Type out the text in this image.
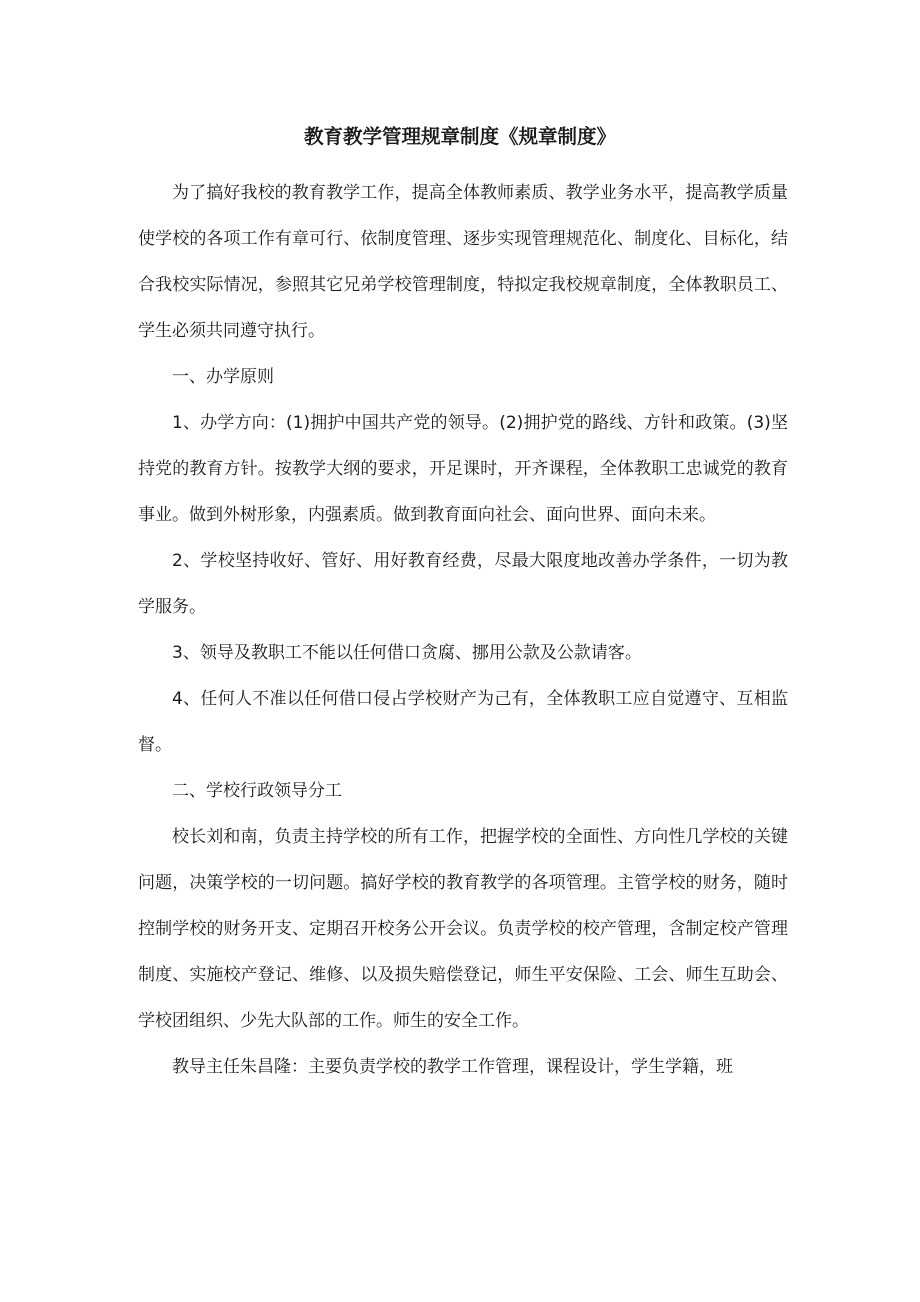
教育教学管理规章制度《规章制度》

为了搞好我校的教育教学工作，提高全体教师素质、教学业务水平，提高教学质量使学校的各项工作有章可行、依制度管理、逐步实现管理规范化、制度化、目标化，结合我校实际情况，参照其它兄弟学校管理制度，特拟定我校规章制度，全体教职员工、学生必须共同遵守执行。

一、办学原则

1、办学方向：(1)拥护中国共产党的领导。(2)拥护党的路线、方针和政策。(3)坚持党的教育方针。按教学大纲的要求，开足课时，开齐课程，全体教职工忠诚党的教育事业。做到外树形象，内强素质。做到教育面向社会、面向世界、面向未来。

2、学校坚持收好、管好、用好教育经费，尽最大限度地改善办学条件，一切为教学服务。

3、领导及教职工不能以任何借口贪腐、挪用公款及公款请客。

4、任何人不准以任何借口侵占学校财产为己有，全体教职工应自觉遵守、互相监督。

二、学校行政领导分工

校长刘和南，负责主持学校的所有工作，把握学校的全面性、方向性几学校的关键问题，决策学校的一切问题。搞好学校的教育教学的各项管理。主管学校的财务，随时控制学校的财务开支、定期召开校务公开会议。负责学校的校产管理，含制定校产管理制度、实施校产登记、维修、以及损失赔偿登记，师生平安保险、工会、师生互助会、学校团组织、少先大队部的工作。师生的安全工作。

教导主任朱昌隆：主要负责学校的教学工作管理，课程设计，学生学籍，班
